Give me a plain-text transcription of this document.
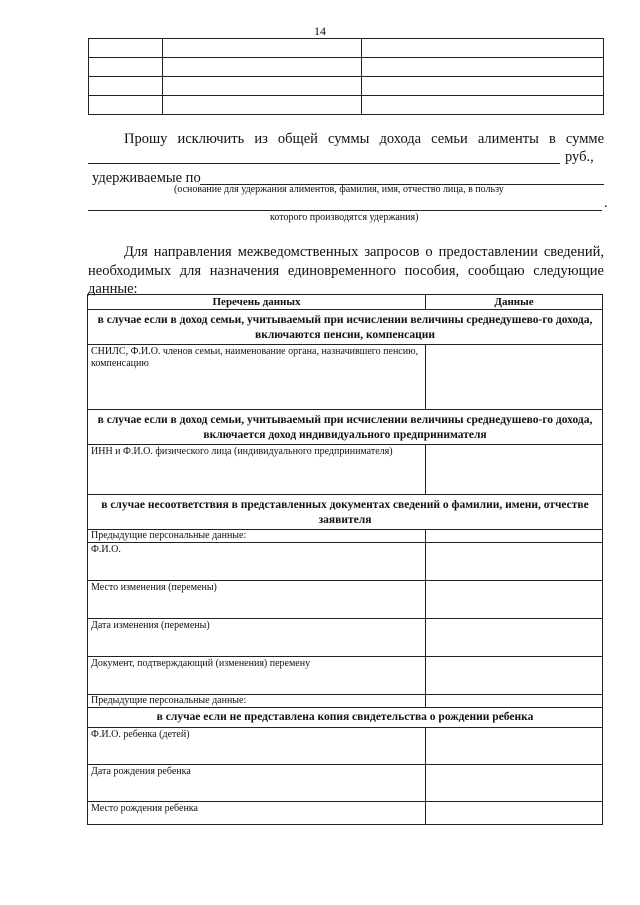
14

Прошу исключить из общей суммы дохода семьи алименты в сумме
руб.,
удерживаемые по
(основание для удержания алиментов, фамилия, имя, отчество лица, в пользу
.
которого производятся удержания)
Для направления межведомственных запросов о предоставлении сведений,
необходимых для назначения единовременного пособия, сообщаю следующие
данные:
Перечень данных	Данные
в случае если в доход семьи, учитываемый при исчислении величины среднедушево-го дохода, включаются пенсии, компенсации	
СНИЛС, Ф.И.О. членов семьи, наименование органа, назначившего пенсию, компенсацию	
в случае если в доход семьи, учитываемый при исчислении величины среднедушево-го дохода, включается доход индивидуального предпринимателя	
ИНН и Ф.И.О. физического лица (индивидуального предпринимателя)	
в случае несоответствия в представленных документах сведений о фамилии, имени, отчестве заявителя	
Предыдущие персональные данные:	
Ф.И.О.	
Место изменения (перемены)	
Дата изменения (перемены)	
Документ, подтверждающий (изменения) перемену	
Предыдущие персональные данные:	
в случае если не представлена копия свидетельства о рождении ребенка	
Ф.И.О. ребенка (детей)	
Дата рождения ребенка	
Место рождения ребенка	
